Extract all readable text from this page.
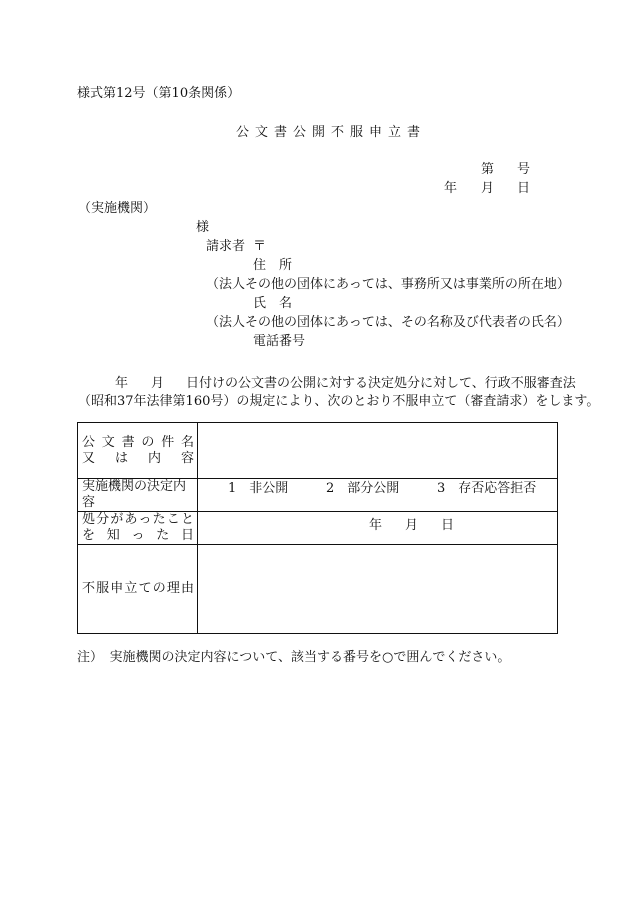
様式第12号（第10条関係）
公文書公開不服申立書
第 号
年 月 日
（実施機関）
様
請求者 〒
住　所
（法人その他の団体にあっては、事務所又は事業所の所在地）
氏　名
（法人その他の団体にあっては、その名称及び代表者の氏名）
電話番号
年 月 日付けの公文書の公開に対する決定処分に対して、行政不服審査法
（昭和37年法律第160号）の規定により、次のとおり不服申立て（審査請求）をします。
公文書の件名
又は内容	

実施機関の決定内容	1　非公開 2　部分公開 3　存否応答拒否

処分があったこと
を知った日	年 月 日

不服申立ての理由	

注）　実施機関の決定内容について、該当する番号を○で囲んでください。
